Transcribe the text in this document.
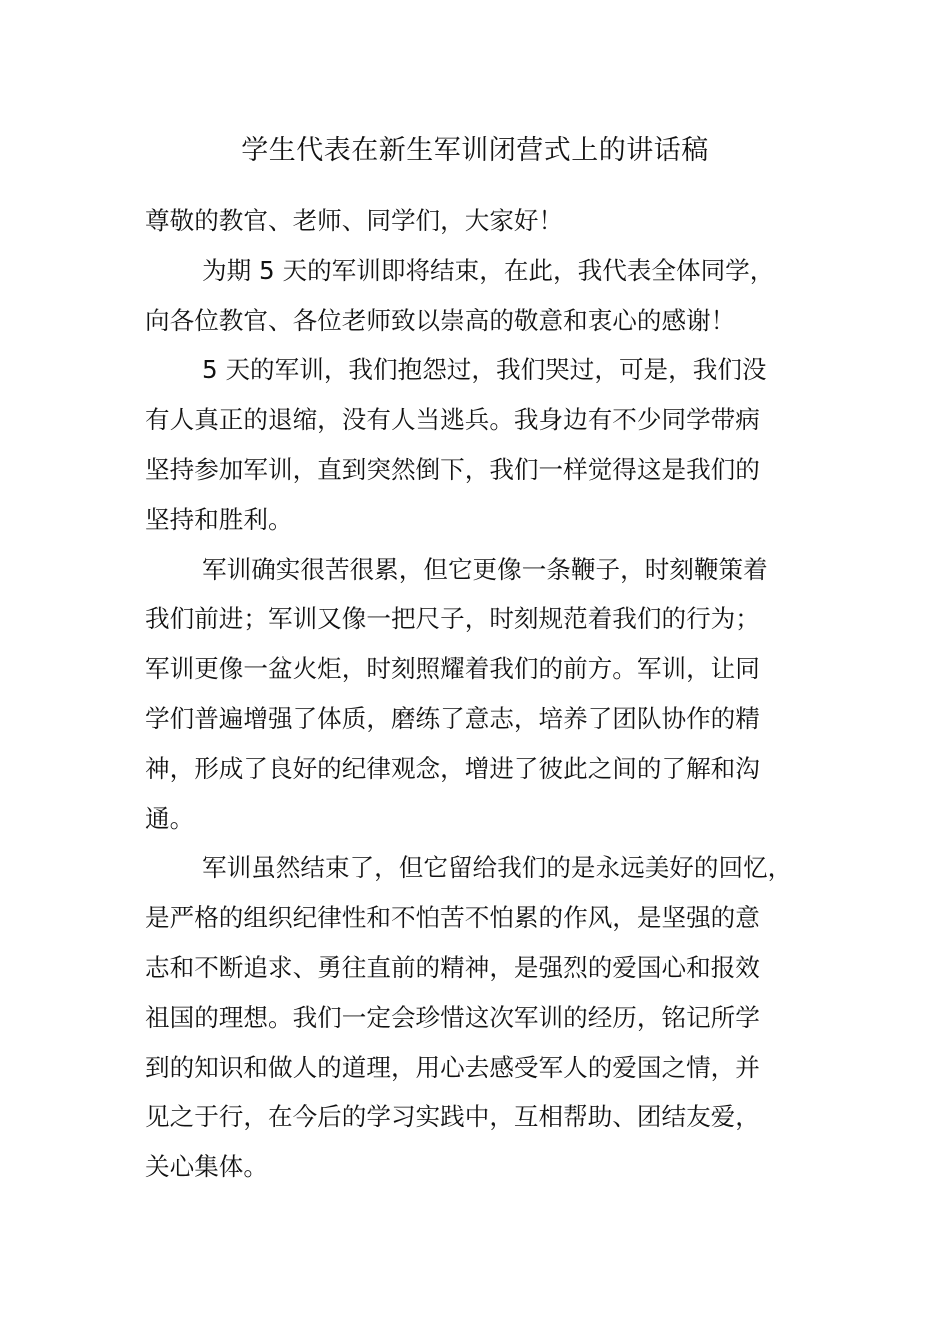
学生代表在新生军训闭营式上的讲话稿
尊敬的教官、老师、同学们，大家好！
为期 5 天的军训即将结束，在此，我代表全体同学，
向各位教官、各位老师致以崇高的敬意和衷心的感谢！
5 天的军训，我们抱怨过，我们哭过，可是，我们没
有人真正的退缩，没有人当逃兵。我身边有不少同学带病
坚持参加军训，直到突然倒下，我们一样觉得这是我们的
坚持和胜利。
军训确实很苦很累，但它更像一条鞭子，时刻鞭策着
我们前进；军训又像一把尺子，时刻规范着我们的行为；
军训更像一盆火炬，时刻照耀着我们的前方。军训，让同
学们普遍增强了体质，磨练了意志，培养了团队协作的精
神，形成了良好的纪律观念，增进了彼此之间的了解和沟
通。
军训虽然结束了，但它留给我们的是永远美好的回忆，
是严格的组织纪律性和不怕苦不怕累的作风，是坚强的意
志和不断追求、勇往直前的精神，是强烈的爱国心和报效
祖国的理想。我们一定会珍惜这次军训的经历，铭记所学
到的知识和做人的道理，用心去感受军人的爱国之情，并
见之于行，在今后的学习实践中，互相帮助、团结友爱，
关心集体。
